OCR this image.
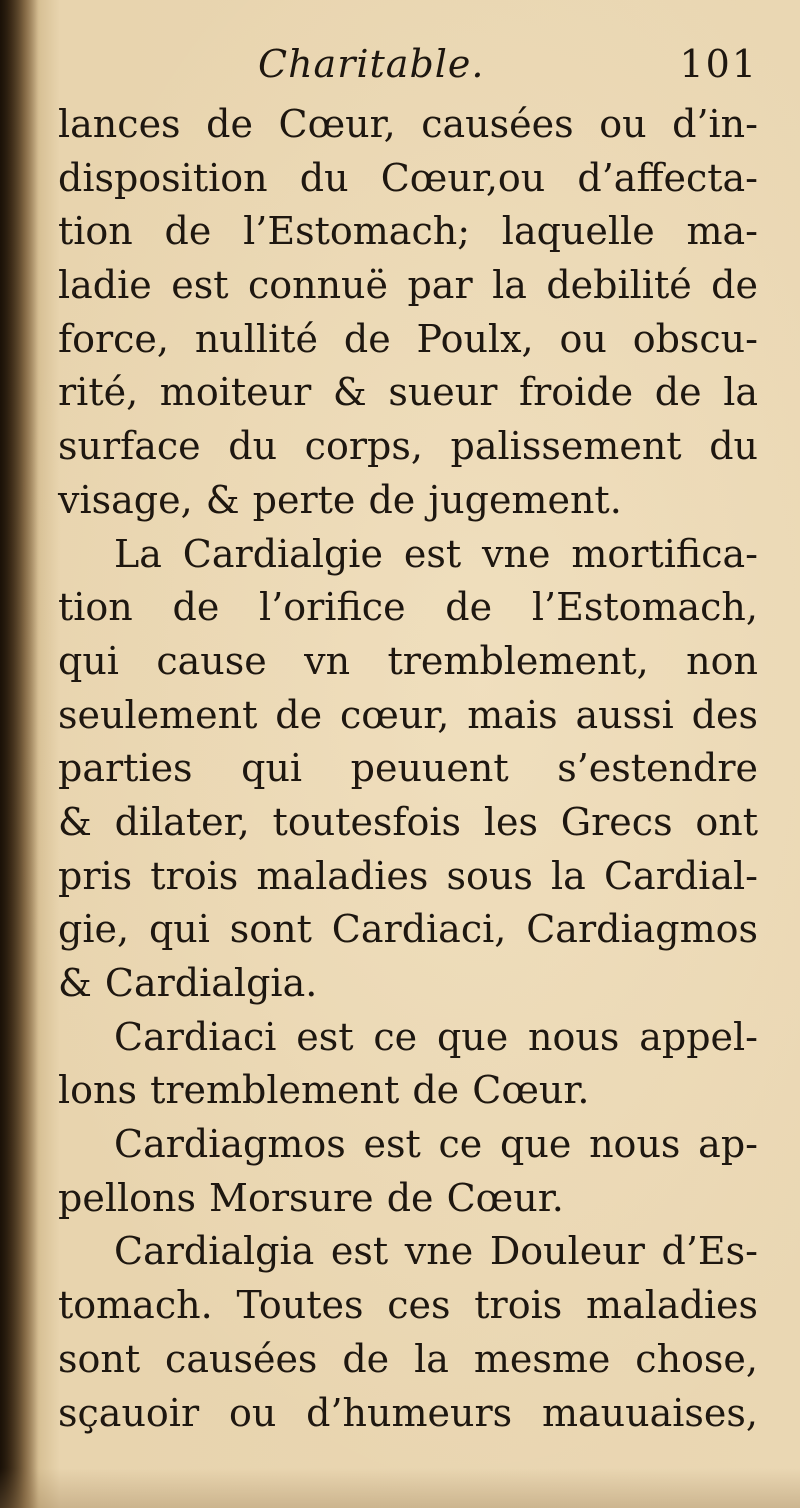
Charitable.	101
lances de Cœur, causées ou d’in-
disposition du Cœur,ou d’affecta-
tion de l’Estomach; laquelle ma-
ladie est connuë par la debilité de
force, nullité de Poulx, ou obscu-
rité, moiteur & sueur froide de la
surface du corps, palissement du
visage, & perte de jugement.
La Cardialgie est vne mortifica-
tion de l’orifice de l’Estomach,
qui cause vn tremblement, non
seulement de cœur, mais aussi des
parties qui peuuent s’estendre
& dilater, toutesfois les Grecs ont
pris trois maladies sous la Cardial-
gie, qui sont Cardiaci, Cardiagmos
& Cardialgia.
Cardiaci est ce que nous appel-
lons tremblement de Cœur.
Cardiagmos est ce que nous ap-
pellons Morsure de Cœur.
Cardialgia est vne Douleur d’Es-
tomach. Toutes ces trois maladies
sont causées de la mesme chose,
sçauoir ou d’humeurs mauuaises,
